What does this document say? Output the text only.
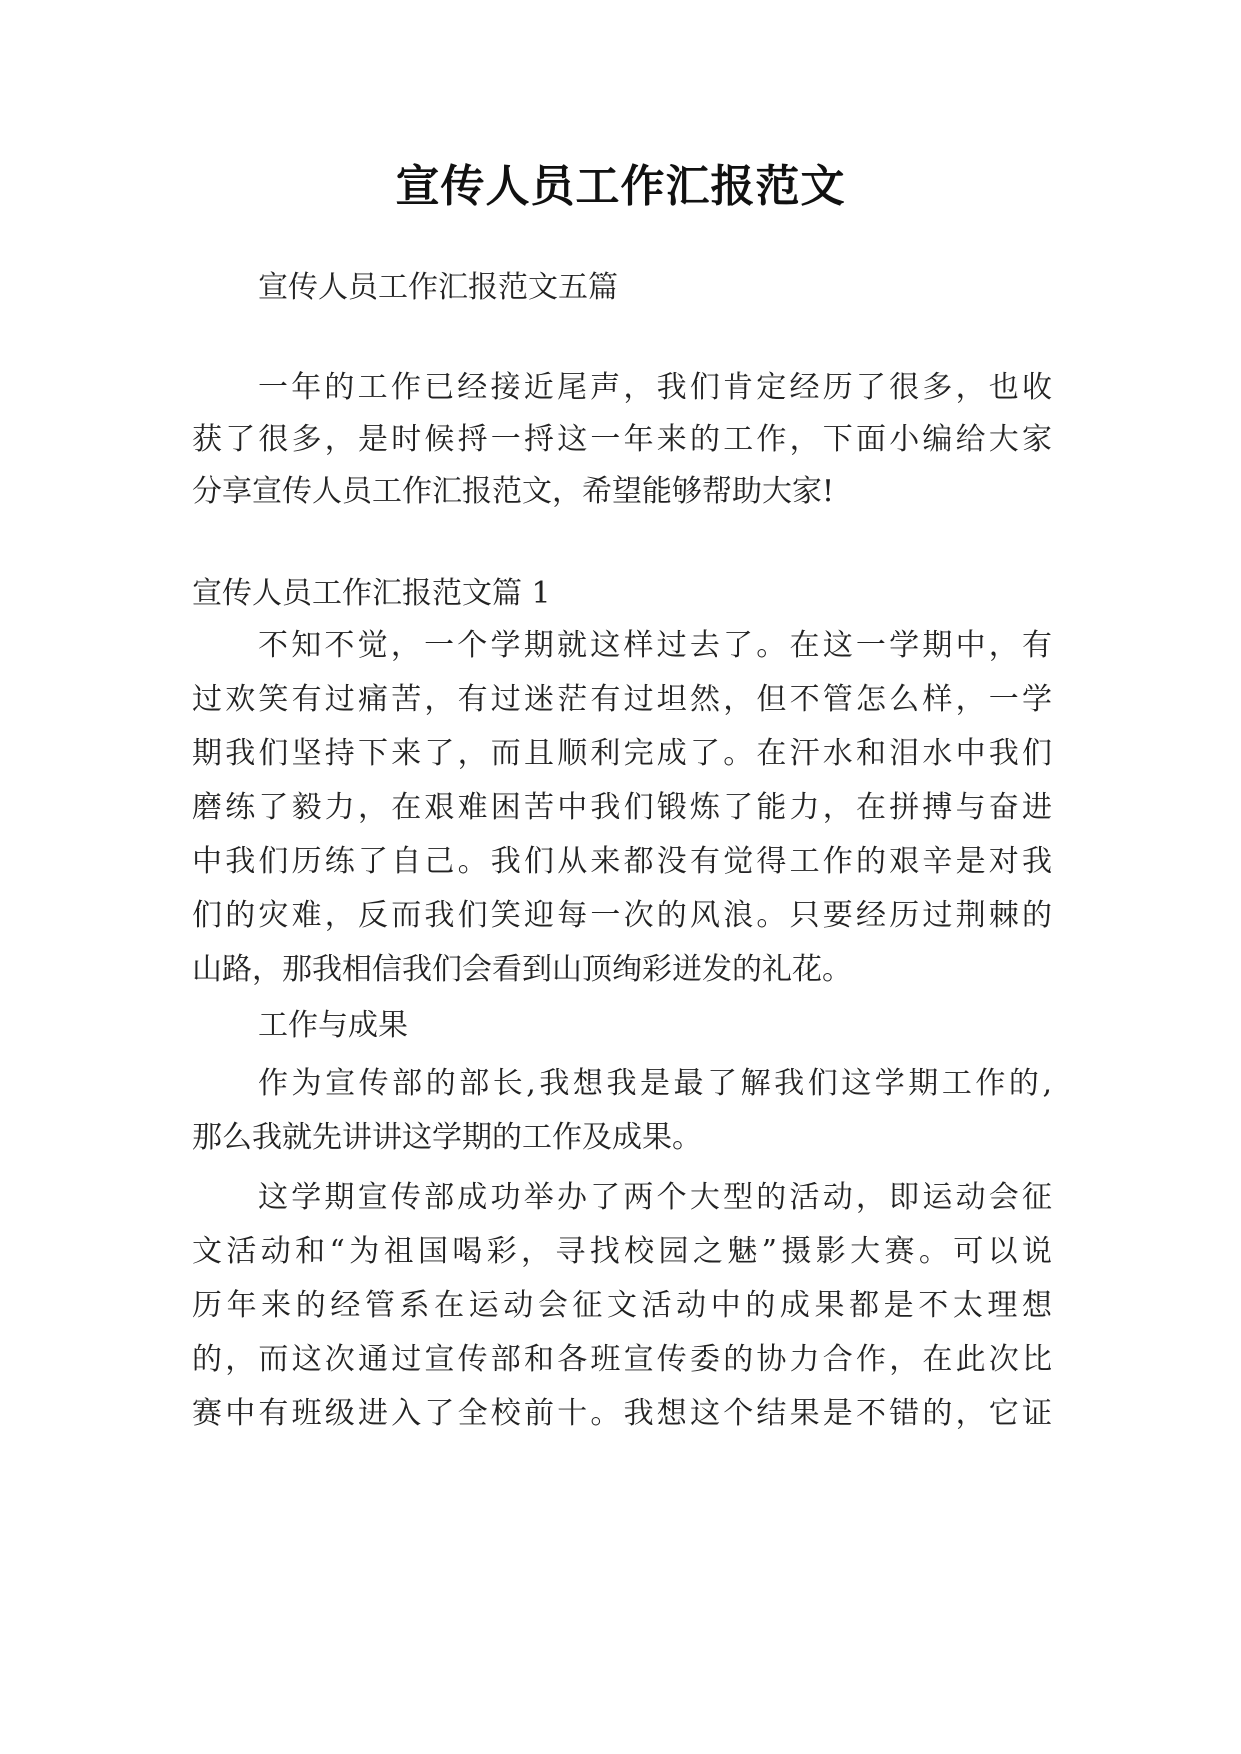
宣传人员工作汇报范文
宣传人员工作汇报范文五篇
一年的工作已经接近尾声，我们肯定经历了很多，也收
获了很多，是时候捋一捋这一年来的工作，下面小编给大家
分享宣传人员工作汇报范文，希望能够帮助大家!
宣传人员工作汇报范文篇 1
不知不觉，一个学期就这样过去了。在这一学期中，有
过欢笑有过痛苦，有过迷茫有过坦然，但不管怎么样，一学
期我们坚持下来了，而且顺利完成了。在汗水和泪水中我们
磨练了毅力，在艰难困苦中我们锻炼了能力，在拼搏与奋进
中我们历练了自己。我们从来都没有觉得工作的艰辛是对我
们的灾难，反而我们笑迎每一次的风浪。只要经历过荆棘的
山路，那我相信我们会看到山顶绚彩迸发的礼花。
工作与成果
作为宣传部的部长,我想我是最了解我们这学期工作的,
那么我就先讲讲这学期的工作及成果。
这学期宣传部成功举办了两个大型的活动，即运动会征
文活动和“为祖国喝彩，寻找校园之魅”摄影大赛。可以说
历年来的经管系在运动会征文活动中的成果都是不太理想
的，而这次通过宣传部和各班宣传委的协力合作，在此次比
赛中有班级进入了全校前十。我想这个结果是不错的，它证
